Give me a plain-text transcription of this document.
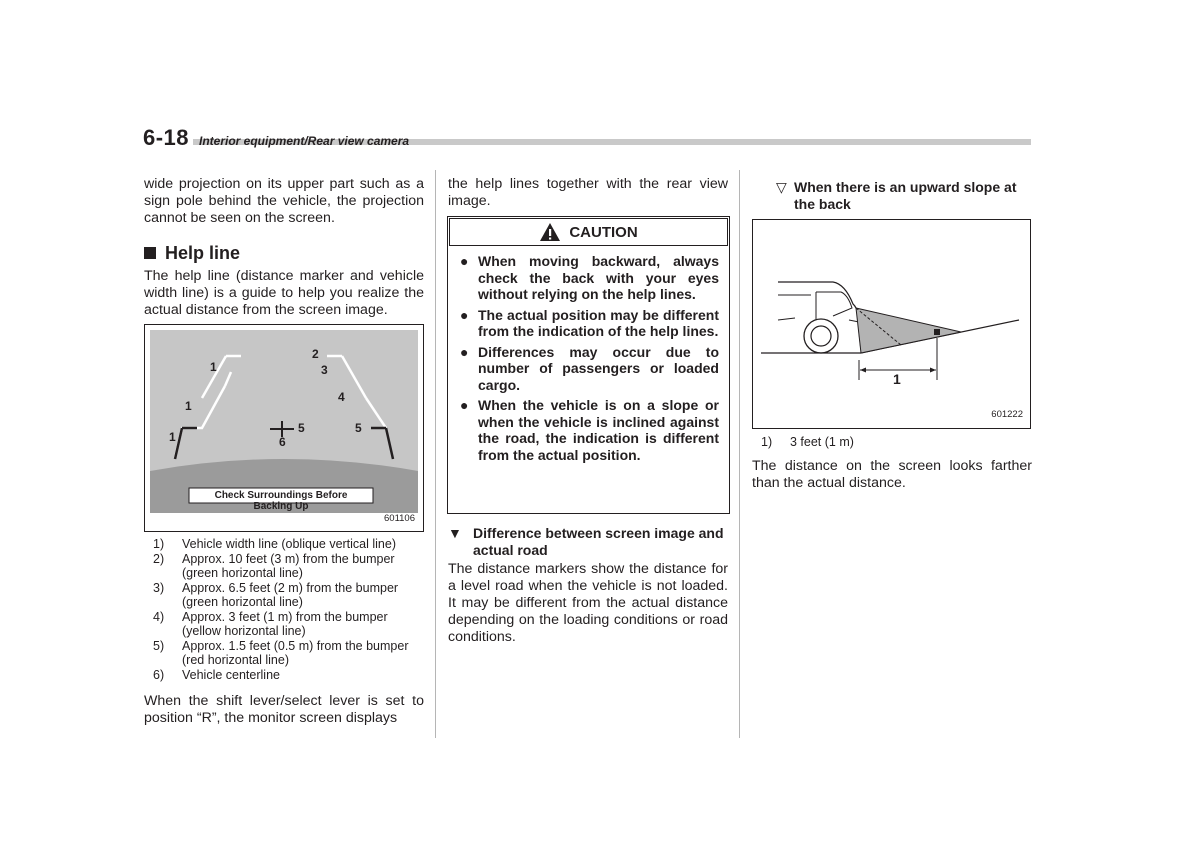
6-18 Interior equipment/Rear view camera

wide projection on its upper part such as a sign pole behind the vehicle, the projection cannot be seen on the screen.

Help line

The help line (distance marker and vehicle width line) is a guide to help you realize the actual distance from the screen image.

1
1
1
2
3
4
5	5
6
Check Surroundings Before Backing Up
601106
1)	Vehicle width line (oblique vertical line)
2)	Approx. 10 feet (3 m) from the bumper (green horizontal line)
3)	Approx. 6.5 feet (2 m) from the bumper (green horizontal line)
4)	Approx. 3 feet (1 m) from the bumper (yellow horizontal line)
5)	Approx. 1.5 feet (0.5 m) from the bumper (red horizontal line)
6)	Vehicle centerline

When the shift lever/select lever is set to position “R”, the monitor screen displays

the help lines together with the rear view image.

CAUTION
● When moving backward, always check the back with your eyes without relying on the help lines.
● The actual position may be different from the indication of the help lines.
● Differences may occur due to number of passengers or loaded cargo.
● When the vehicle is on a slope or when the vehicle is inclined against the road, the indication is different from the actual position.
▼ Difference between screen image and actual road

The distance markers show the distance for a level road when the vehicle is not loaded. It may be different from the actual distance depending on the loading conditions or road conditions.

▽ When there is an upward slope at the back
1
601222
1)	3 feet (1 m)

The distance on the screen looks farther than the actual distance.
